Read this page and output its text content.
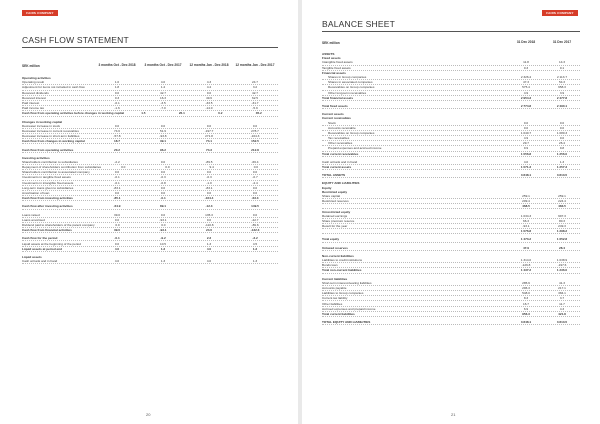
FAIRS COMPANY
CASH FLOW STATEMENT
SEK million	3 months Oct - Dec 2018	3 months Oct - Dec 2017	12 months Jan - Dec 2018	12 months Jan - Dec 2017
Operating activities
Operating result	1.0	4.0	4.3	24.7
Adjustment for items not included in cash flow	1.8	1.4	4.4	3.2
Received dividends	0.0	42.7	0.0	42.7
Received interest	0.3	16.3	49.6	62.5
Paid interest	-0.1	-3.5	-33.5	-31.7
Paid income tax	-1.6	-7.0	-14.0	-5.9
Cash flow from operating activities before changes in working capital	1.5	26.1	0.2	35.2
Changes in working capital
Decrease/ increase in stock	0.0	0.0	0.0	0.0
Decrease/ increase in current receivables	74.6	51.9	-197.7	278.7
Decrease/ increase in short-term liabilities	-57.8	-93.8	271.8	-164.3
Cash flow from changes in working capital	18.7	39.1	74.1	152.5
Cash flow from operating activities	20.2	96.2	74.3	212.8
Investing activities
Shareholders contribution to subsidiaries	-2.2	0.0	-89.5	-66.4
Repayment of shareholders contribution from subsidiaries	0.0	0.0	9.4	0.0
Shareholders contribution to associated company	0.0	0.0	0.0	0.0
Investments in tangible fixed assets	-0.1	-0.3	-0.3	-0.7
Investments in intangible fixed assets	-0.1	-0.8	-1.0	-4.4
Long-term loans given to subsidiaries	-83.1	0.0	-83.1	0.0
Amortisation of loan	0.0	0.0	0.0	0.0
Cash flow from investing activities	-85.1	-0.1	-164.4	-63.3
Cash flow after investing activities	-64.9	89.1	-12.3	149.5
Loans raised	39.0	0.0	135.3	0.0
Loans amortised	0.0	-93.1	0.0	-42.7
Dividend paid to shareholders of the parent company	0.0	0.0	-110.8	-89.6
Cash flow from financial activities	39.0	-93.1	24.6	-132.3
Cash flow for the period	-0.1	-9.2	2.3	-3.2
Liquid assets at the beginning of the period	0.0	10.5	1.3	4.5
Liquid assets at period end	4.0	1.3	4.0	1.3
Liquid assets
Cash at bank and in hand	4.0	1.3	4.0	1.3
20
FAIRS COMPANY
BALANCE SHEET
SEK million	31 Dec 2018	31 Dec 2017
ASSETS
Fixed assets
Intangible fixed assets	11.8	14.3
Tangible fixed assets	0.3	0.1
Financial assets
Shares in Group companies	2 326.4	2 113.7
Shares in associated companies	47.3	54.3
Receivables on Group companies	575.4	958.3
Other long-term receivables	4.9	3.9
Total financial assets	2 954.3	2 477.8
Total fixed assets	2 774.8	2 490.1
Current assets
Current receivables
Stock	0.0	0.0
Accounts receivable	0.0	0.0
Receivables on Group companies	1 040.7	1 080.3
Tax receivables	4.9	0.0
Other receivables	29.7	26.4
Prepaid expenses and accrued income	9.9	9.8
Total current receivables	1 056.8	1 256.0
Cash at bank and in hand	4.0	1.3
Total current assets	1 071.3	1 257.3
TOTAL ASSETS	3 848.1	3 813.5
EQUITY AND LIABILITIES
Equity
Restricted equity
Share capital	259.1	259.1
Restricted reserves	209.4	224.4
468.5	483.5
Unrestricted equity
Retained earnings	1 034.3	997.3
Share premium reserve	66.3	80.3
Result for the year	-93.1	249.3
1 076.8	1 298.2
Total equity	1 473.2	1 652.8
Untaxed reserves	47.9	28.4
Non-current liabilities
Liabilities to credit institutions	1 314.0	1 038.9
Bonds loan	-126.8	-197.6
Total non-current liabilities	1 437.2	1 236.0
Current liabilities
Short-term interest-bearing liabilities	285.9	41.3
Accounts payable	296.3	217.1
Liabilities to Group companies	548.0	384.1
Current tax liability	8.3	3.7
Other liabilities	16.7	11.7
Accrued expenses and prepaid income	6.9	4.3
Total current liabilities	956.3	421.8
TOTAL EQUITY AND LIABILITIES	3 848.1	3 813.5
21
